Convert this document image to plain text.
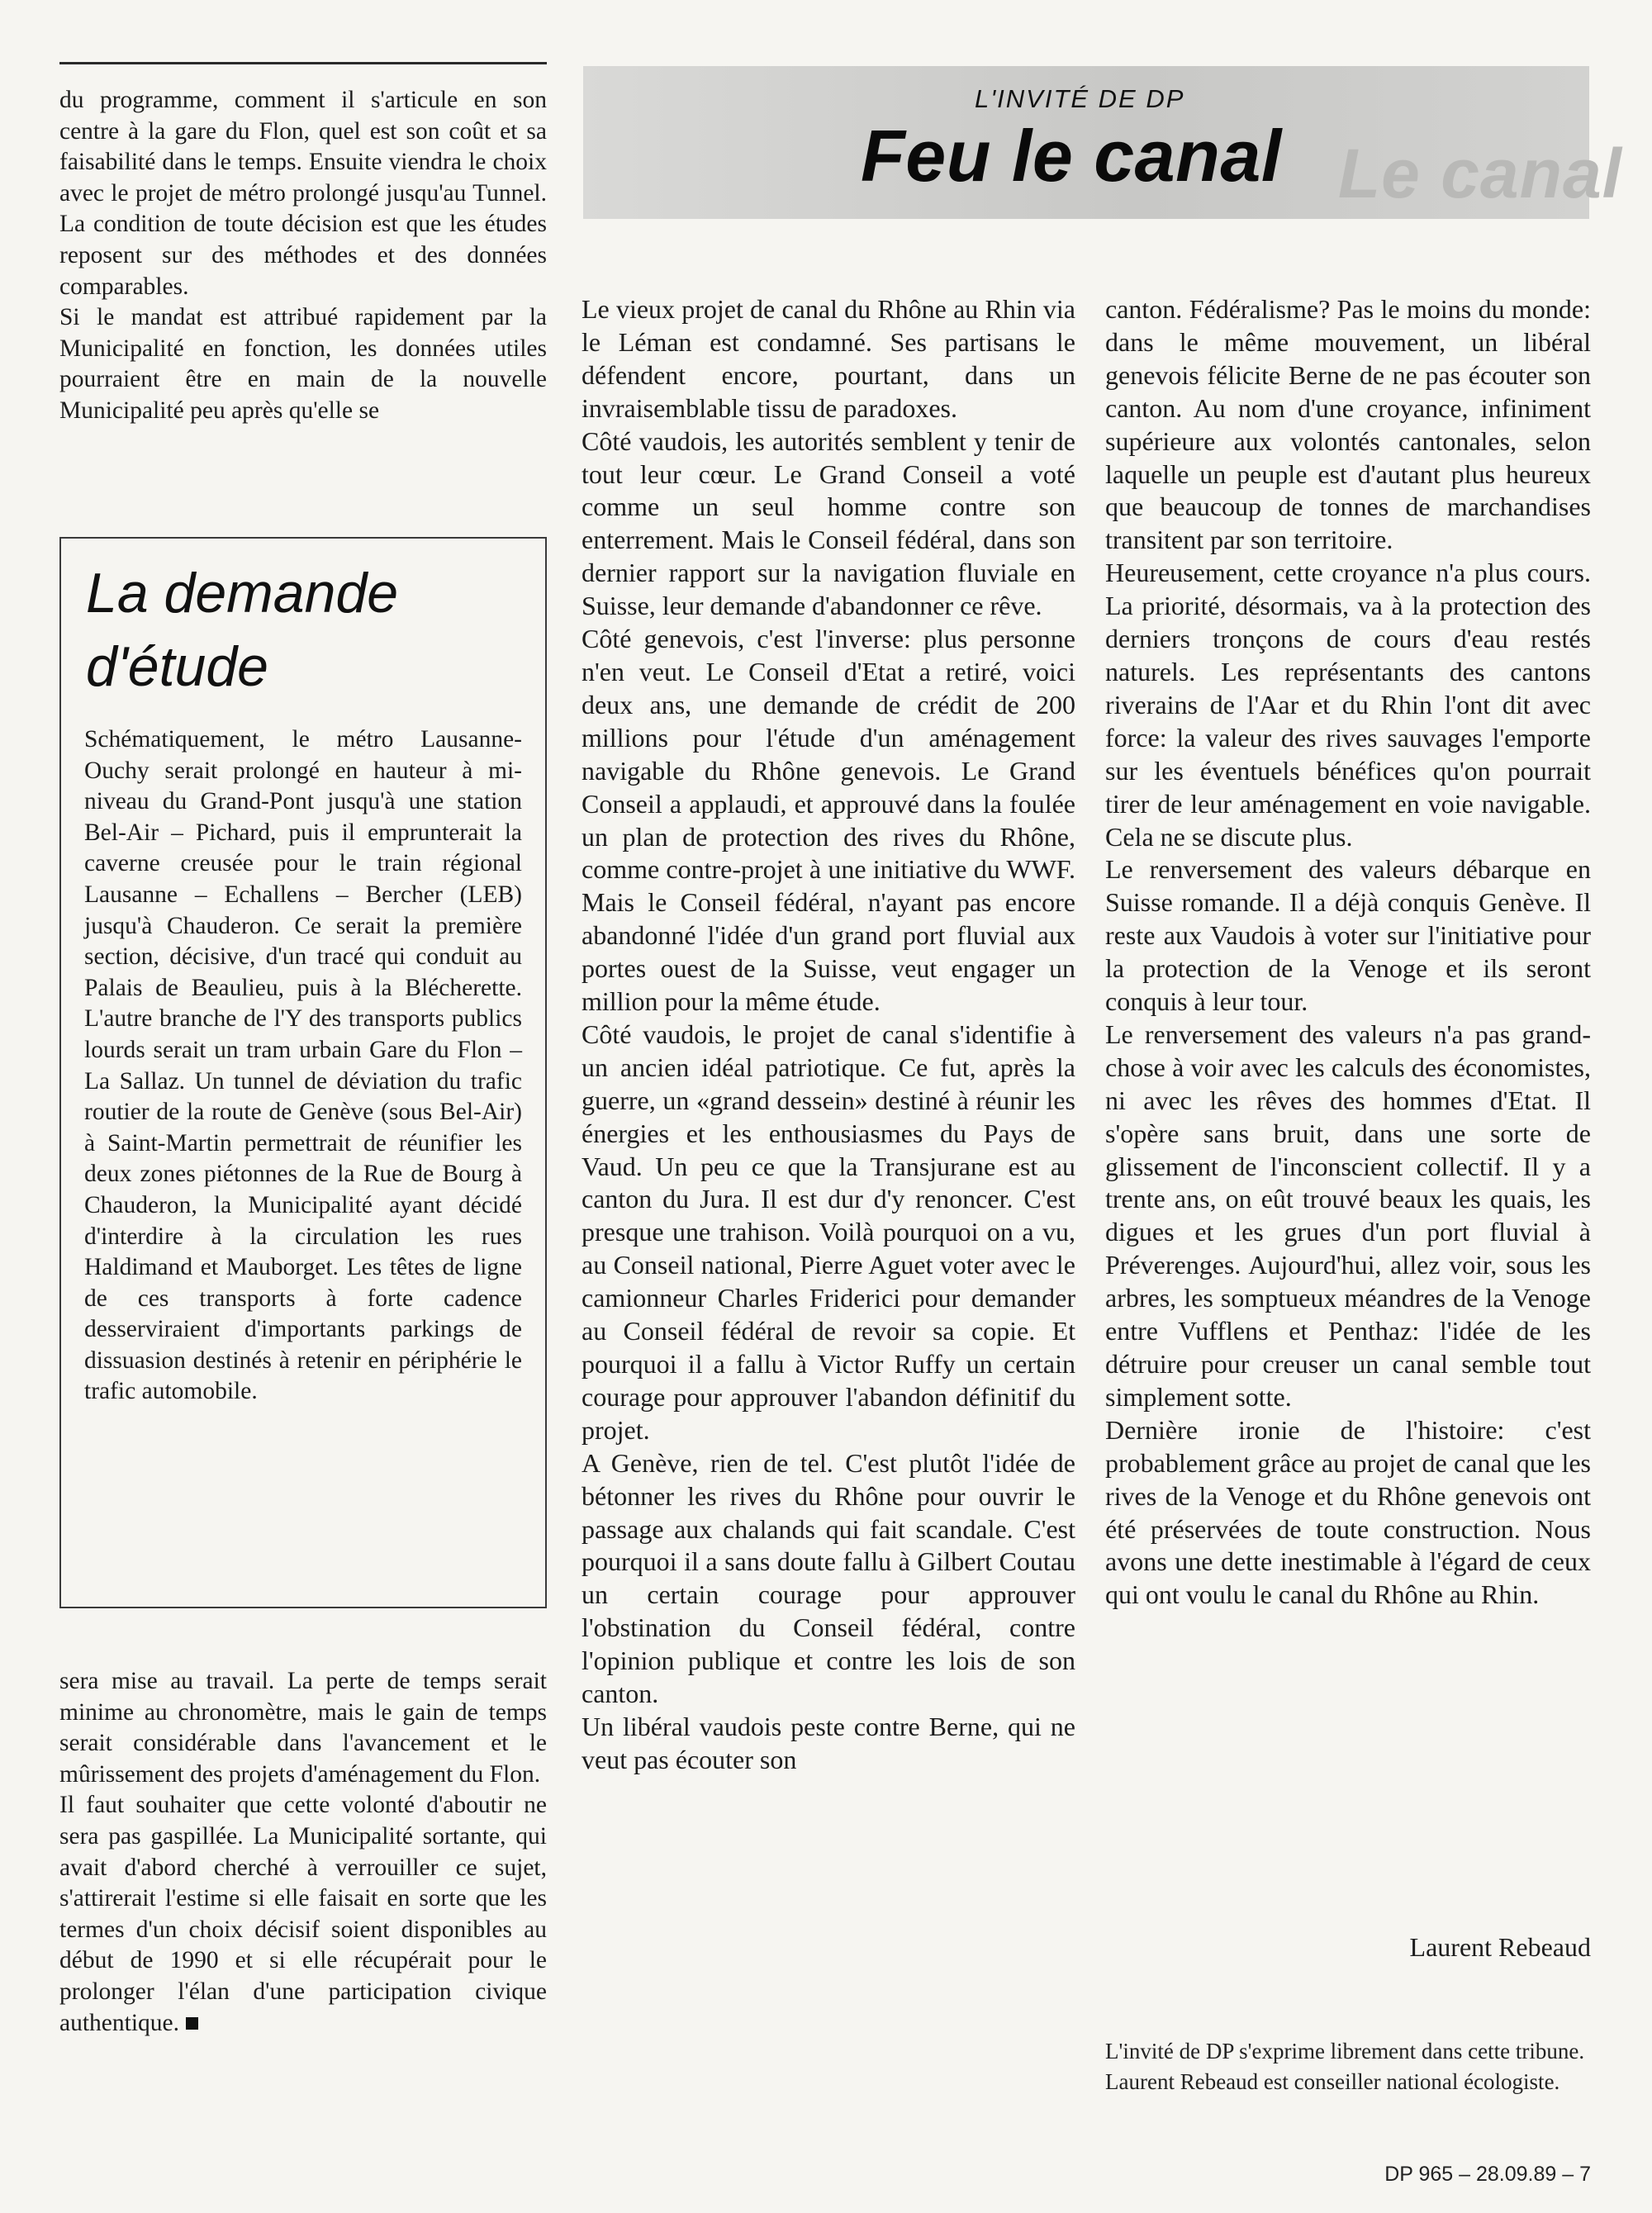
du programme, comment il s'articule en son centre à la gare du Flon, quel est son coût et sa faisabilité dans le temps. Ensuite viendra le choix avec le projet de métro prolongé jusqu'au Tunnel. La condition de toute décision est que les études reposent sur des méthodes et des données comparables.

Si le mandat est attribué rapidement par la Municipalité en fonction, les données utiles pourraient être en main de la nouvelle Municipalité peu après qu'elle se

Le canal
L'INVITÉ DE DP
Feu le canal
La demande
d'étude

Schématiquement, le métro Lausanne-Ouchy serait prolongé en hauteur à mi-niveau du Grand-Pont jusqu'à une station Bel-Air – Pichard, puis il emprunterait la caverne creusée pour le train régional Lausanne – Echallens – Bercher (LEB) jusqu'à Chauderon. Ce serait la première section, décisive, d'un tracé qui conduit au Palais de Beaulieu, puis à la Blécherette. L'autre branche de l'Y des transports publics lourds serait un tram urbain Gare du Flon – La Sallaz. Un tunnel de déviation du trafic routier de la route de Genève (sous Bel-Air) à Saint-Martin permettrait de réunifier les deux zones piétonnes de la Rue de Bourg à Chauderon, la Municipalité ayant décidé d'interdire à la circulation les rues Haldimand et Mauborget. Les têtes de ligne de ces transports à forte cadence desserviraient d'importants parkings de dissuasion destinés à retenir en périphérie le trafic automobile.

sera mise au travail. La perte de temps serait minime au chronomètre, mais le gain de temps serait considérable dans l'avancement et le mûrissement des projets d'aménagement du Flon.

Il faut souhaiter que cette volonté d'aboutir ne sera pas gaspillée. La Municipalité sortante, qui avait d'abord cherché à verrouiller ce sujet, s'attirerait l'estime si elle faisait en sorte que les termes d'un choix décisif soient disponibles au début de 1990 et si elle récupérait pour le prolonger l'élan d'une participation civique authentique.

Le vieux projet de canal du Rhône au Rhin via le Léman est condamné. Ses partisans le défendent encore, pourtant, dans un invraisemblable tissu de paradoxes.

Côté vaudois, les autorités semblent y tenir de tout leur cœur. Le Grand Conseil a voté comme un seul homme contre son enterrement. Mais le Conseil fédéral, dans son dernier rapport sur la navigation fluviale en Suisse, leur demande d'abandonner ce rêve.

Côté genevois, c'est l'inverse: plus personne n'en veut. Le Conseil d'Etat a retiré, voici deux ans, une demande de crédit de 200 millions pour l'étude d'un aménagement navigable du Rhône genevois. Le Grand Conseil a applaudi, et approuvé dans la foulée un plan de protection des rives du Rhône, comme contre-projet à une initiative du WWF. Mais le Conseil fédéral, n'ayant pas encore abandonné l'idée d'un grand port fluvial aux portes ouest de la Suisse, veut engager un million pour la même étude.

Côté vaudois, le projet de canal s'identifie à un ancien idéal patriotique. Ce fut, après la guerre, un «grand dessein» destiné à réunir les énergies et les enthousiasmes du Pays de Vaud. Un peu ce que la Transjurane est au canton du Jura. Il est dur d'y renoncer. C'est presque une trahison. Voilà pourquoi on a vu, au Conseil national, Pierre Aguet voter avec le camionneur Charles Friderici pour demander au Conseil fédéral de revoir sa copie. Et pourquoi il a fallu à Victor Ruffy un certain courage pour approuver l'abandon définitif du projet.

A Genève, rien de tel. C'est plutôt l'idée de bétonner les rives du Rhône pour ouvrir le passage aux chalands qui fait scandale. C'est pourquoi il a sans doute fallu à Gilbert Coutau un certain courage pour approuver l'obstination du Conseil fédéral, contre l'opinion publique et contre les lois de son canton.

Un libéral vaudois peste contre Berne, qui ne veut pas écouter son

canton. Fédéralisme? Pas le moins du monde: dans le même mouvement, un libéral genevois félicite Berne de ne pas écouter son canton. Au nom d'une croyance, infiniment supérieure aux volontés cantonales, selon laquelle un peuple est d'autant plus heureux que beaucoup de tonnes de marchandises transitent par son territoire.

Heureusement, cette croyance n'a plus cours. La priorité, désormais, va à la protection des derniers tronçons de cours d'eau restés naturels. Les représentants des cantons riverains de l'Aar et du Rhin l'ont dit avec force: la valeur des rives sauvages l'emporte sur les éventuels bénéfices qu'on pourrait tirer de leur aménagement en voie navigable. Cela ne se discute plus.

Le renversement des valeurs débarque en Suisse romande. Il a déjà conquis Genève. Il reste aux Vaudois à voter sur l'initiative pour la protection de la Venoge et ils seront conquis à leur tour.

Le renversement des valeurs n'a pas grand-chose à voir avec les calculs des économistes, ni avec les rêves des hommes d'Etat. Il s'opère sans bruit, dans une sorte de glissement de l'inconscient collectif. Il y a trente ans, on eût trouvé beaux les quais, les digues et les grues d'un port fluvial à Préverenges. Aujourd'hui, allez voir, sous les arbres, les somptueux méandres de la Venoge entre Vufflens et Penthaz: l'idée de les détruire pour creuser un canal semble tout simplement sotte.

Dernière ironie de l'histoire: c'est probablement grâce au projet de canal que les rives de la Venoge et du Rhône genevois ont été préservées de toute construction. Nous avons une dette inestimable à l'égard de ceux qui ont voulu le canal du Rhône au Rhin.

Laurent Rebeaud
L'invité de DP s'exprime librement dans cette tribune. Laurent Rebeaud est conseiller national écologiste.
DP 965 – 28.09.89 – 7
